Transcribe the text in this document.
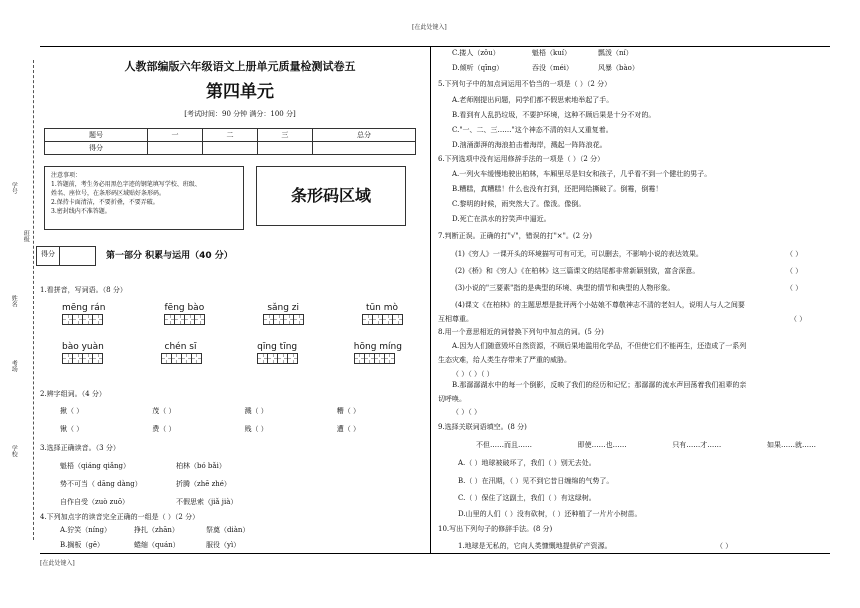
[在此处键入]
[在此处键入]
学号
班级
姓名
考场
学校
人教部编版六年级语文上册单元质量检测试卷五
第四单元
[考试时间：90 分钟 满分：100 分]
题号	一	二	三	总分
得分				
注意事项：
1.答题前，考生务必用黑色字迹的钢笔填写学校、班级、
姓名、座位号，在条形码区域贴好条形码。
2.保持卡面清洁，不要折叠，不要弄破。
3.密封线内不准答题。
条形码区域
得分	第一部分 积累与运用（40 分）
1.看拼音，写词语。（8 分）
mēng rán	fēng bào	sǎng zi	tūn mò
bào yuàn	chén sī	qīng tīng	hōng míng
2.辨字组词。（4 分）
揪（ ）	茂（ ）	溅（ ）	糟（ ）
锹（ ）	费（ ）	贱（ ）	遭（ ）
3.选择正确读音。（3 分）
魁梧（qiáng qiǎng）	柏林（bó bǎi）
势不可当（ dāng dàng）	折腾（zhē zhé）
自作自受（zuò zuō）	不假思索（jiǎ jià）
4.下列加点字的读音完全正确的一组是（ ）（2 分）
A.狞笑（nínɡ）	挣扎（zhān）	祭奠（diàn）
B.搁板（ɡē）	蜷缩（quán）	服役（yì）
C.搂人（zǒu）	魁梧（kuí）	瓢泼（ní）
D.倾听（qīng）	吞没（méi）	风暴（bào）
5.下列句子中的加点词运用不恰当的一项是（ ）（2 分）
A.老师刚提出问题，同学们都不假思索地举起了手。
B.看到有人乱扔垃圾，不要护环境，这种不顾后果是十分不对的。
C."一、二、三……"这个神态不清的妇人又重复着。
D.汹涌澎湃的海浪拍击着海岸，溅起一阵阵浪花。
6.下列选项中没有运用修辞手法的一项是（ ）（2 分）
A.一列火车缓慢地驶出柏林，车厢里尽是妇女和孩子，几乎看不到一个健壮的男子。
B.糟糕，真糟糕！什么也没有打到，还把网给撕破了。倒霉，倒霉！
C.黎明的时候，雨突然大了。像泼。像倒。
D.死亡在洪水的狞笑声中逼近。
7.判断正误。正确的打"√"，错误的打"×"。(2 分)
(1)《穷人》一课开头的环境描写可有可无，可以删去，不影响小说的表达效果。	（ ）
(2)《桥》和《穷人》《在柏林》这三篇课文的结尾都非常新颖别致，富含深意。	（ ）
(3)小说的"三要素"指的是典型的环境、典型的情节和典型的人物形象。	（ ）
(4)课文《在柏林》的主题思想是批评两个小姑娘不尊敬神志不清的老妇人，说明人与人之间要
互相尊重。	（ ）
8.用一个意思相近的词替换下列句中加点的词。(5 分)
A.因为人们随意毁坏自然资源，不顾后果地滥用化学品，不但使它们不能再生，还造成了一系列
生态灾难，给人类生存带来了严重的威胁。
（ ）（ ）（ ）
B.那潺潺湖水中的每一个倒影，反映了我们的经历和记忆；那潺潺的流水声回荡着我们祖辈的亲
切呼唤。
（ ）（ ）
9.选择关联词语填空。(8 分)
不但……而且……	即使……也……	只有……才……	如果……就……
A.（ ）地球被破坏了，我们（ ）别无去处。
B.（ ）在汛期，（ ）见不到它昔日缠绵的气势了。
C.（ ）保住了这副土，我们（ ）有这绿树。
D.山里的人们（ ）没有砍树，（ ）还种植了一片片小树苗。
10.写出下列句子的修辞手法。(8 分)
1.地球是无私的，它向人类慷慨地提供矿产资源。	（ ）
